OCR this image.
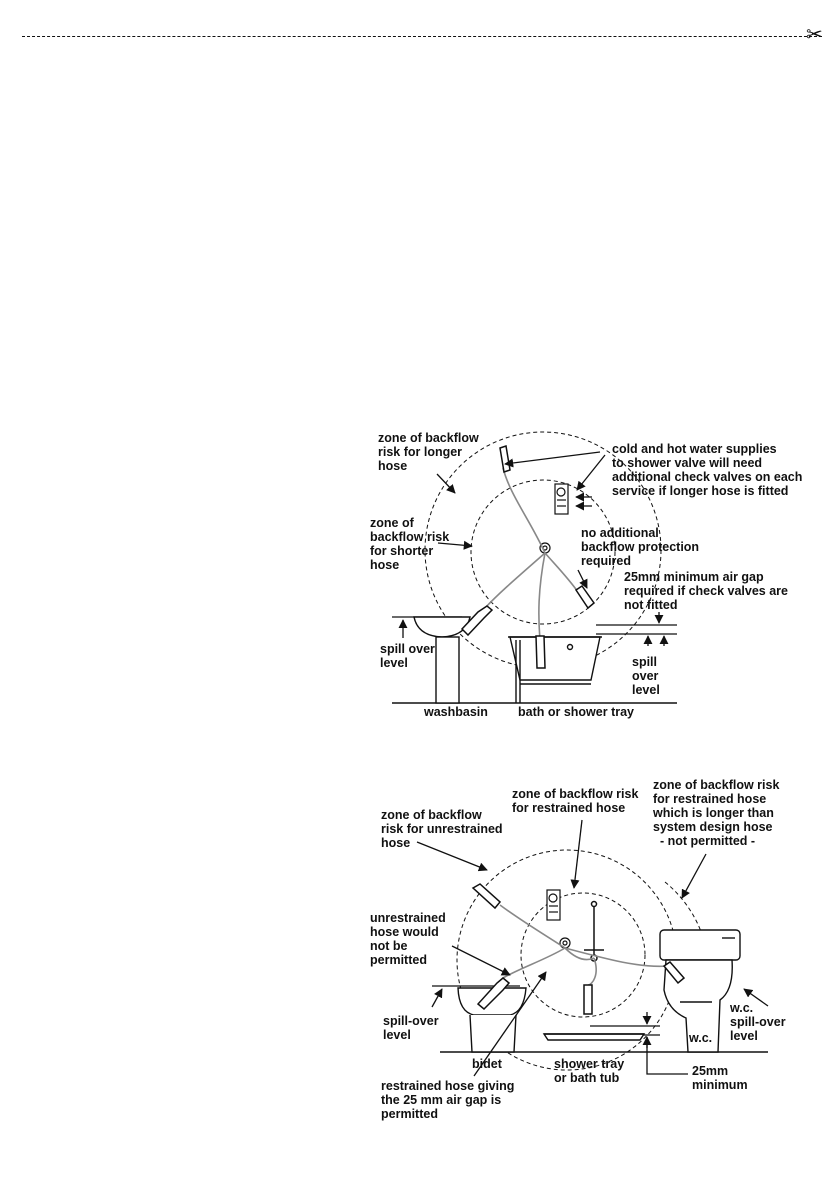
✂

zone of backflow
risk for longer
hose

cold and hot water supplies
to shower valve will need
additional check valves on each
service if longer hose is fitted

zone of
backflow risk
for shorter
hose

no additional
backflow protection
required

25mm minimum air gap
required if check valves are
not fitted

spill over
level	spill
over
level

washbasin bath or shower tray

zone of backflow risk
for restrained hose

zone of backflow risk
for restrained hose
which is longer than
system design hose
- not permitted -

zone of backflow
risk for unrestrained
hose

unrestrained
hose would
not be
permitted

spill-over
level

w.c.
spill-over
level

w.c.

bidet	shower tray
or bath tub	25mm
minimum

restrained hose giving
the 25 mm air gap is
permitted
